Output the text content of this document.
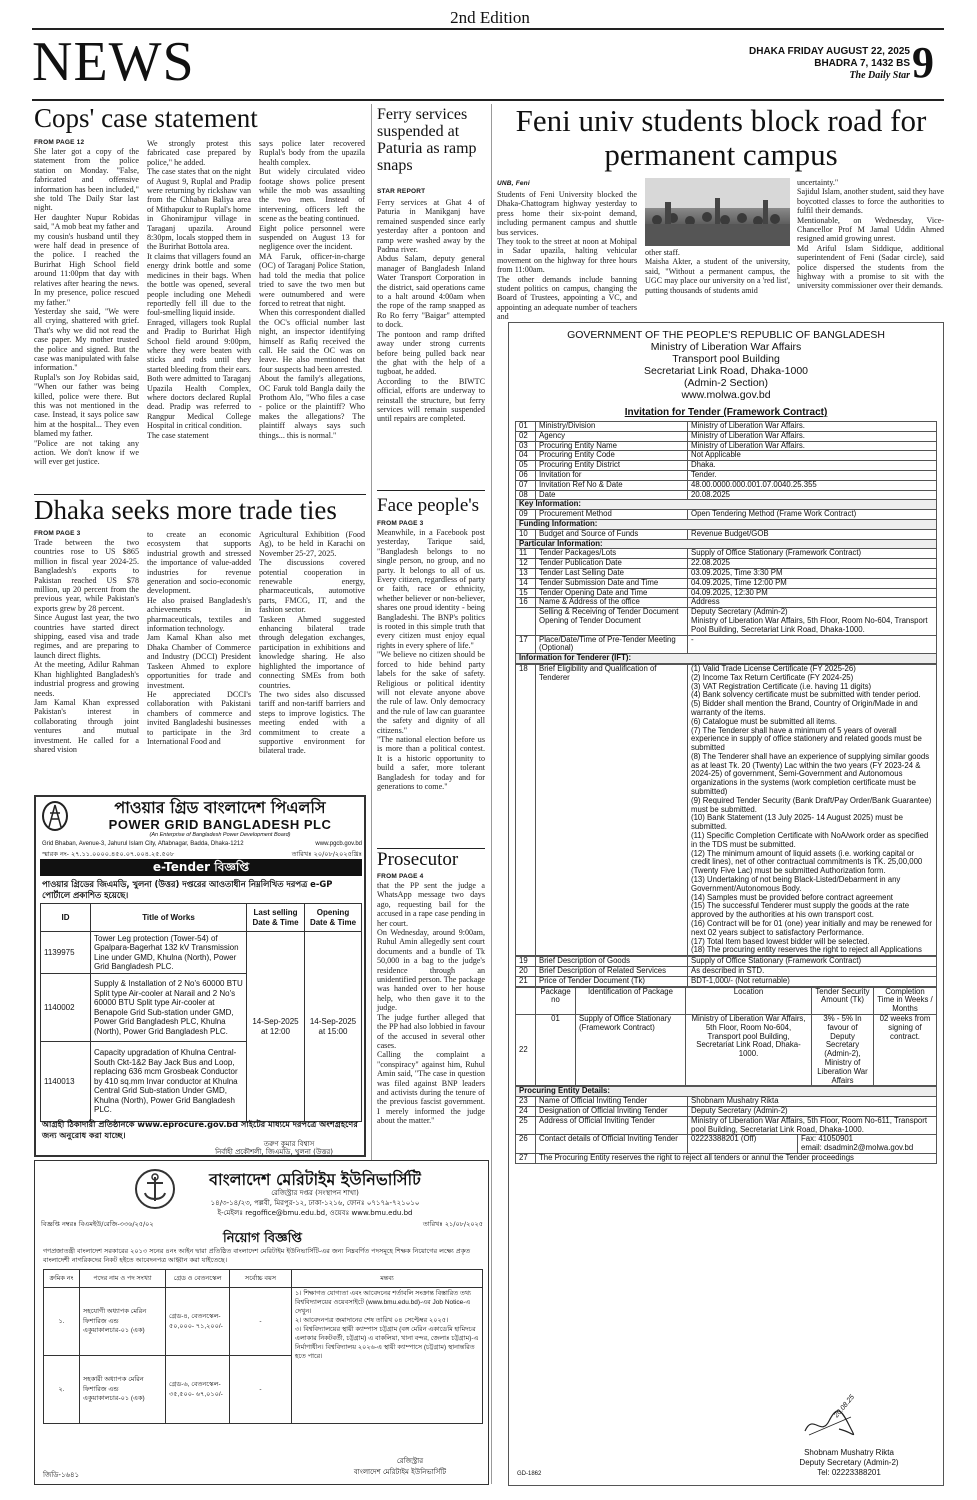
2nd Edition
NEWS	DHAKA FRIDAY AUGUST 22, 2025
BHADRA 7, 1432 BS
The Daily Star 9
Cops' case statement
FROM PAGE 12
She later got a copy of the statement from the police station on Monday. "False, fabricated and offensive information has been included," she told The Daily Star last night.
Her daughter Nupur Robidas said, "A mob beat my father and my cousin's husband until they were half dead in presence of the police. I reached the Burirhat High School field around 11:00pm that day with relatives after hearing the news. In my presence, police rescued my father."
Yesterday she said, "We were all crying, shattered with grief. That's why we did not read the case paper. My mother trusted the police and signed. But the case was manipulated with false information."
Ruplal's son Joy Robidas said, "When our father was being killed, police were there. But this was not mentioned in the case. Instead, it says police saw him at the hospital... They even blamed my father.
"Police are not taking any action. We don't know if we will ever get justice.
We strongly protest this fabricated case prepared by police," he added.
The case states that on the night of August 9, Ruplal and Pradip were returning by rickshaw van from the Chhaban Baliya area of Mithapukur to Ruplal's home in Ghoniramjpur village in Taraganj upazila. Around 8:30pm, locals stopped them in the Burirhat Bottola area.
It claims that villagers found an energy drink bottle and some medicines in their bags. When the bottle was opened, several people including one Mehedi reportedly fell ill due to the foul-smelling liquid inside.
Enraged, villagers took Ruplal and Pradip to Burirhat High School field around 9:00pm, where they were beaten with sticks and rods until they started bleeding from their ears. Both were admitted to Taraganj Upazila Health Complex, where doctors declared Ruplal dead. Pradip was referred to Rangpur Medical College Hospital in critical condition.
The case statement
says police later recovered Ruplal's body from the upazila health complex.
But widely circulated video footage shows police present while the mob was assaulting the two men. Instead of intervening, officers left the scene as the beating continued.
Eight police personnel were suspended on August 13 for negligence over the incident.
MA Faruk, officer-in-charge (OC) of Taraganj Police Station, had told the media that police tried to save the two men but were outnumbered and were forced to retreat that night.
When this correspondent dialled the OC's official number last night, an inspector identifying himself as Rafiq received the call. He said the OC was on leave. He also mentioned that four suspects had been arrested.
About the family's allegations, OC Faruk told Bangla daily the Prothom Alo, "Who files a case - police or the plaintiff? Who makes the allegations? The plaintiff always says such things... this is normal."
Dhaka seeks more trade ties
FROM PAGE 3
Trade between the two countries rose to US $865 million in fiscal year 2024-25. Bangladesh's exports to Pakistan reached US $78 million, up 20 percent from the previous year, while Pakistan's exports grew by 28 percent.
Since August last year, the two countries have started direct shipping, eased visa and trade regimes, and are preparing to launch direct flights.
At the meeting, Adilur Rahman Khan highlighted Bangladesh's industrial progress and growing needs.
Jam Kamal Khan expressed Pakistan's interest in collaborating through joint ventures and mutual investment. He called for a shared vision
to create an economic ecosystem that supports industrial growth and stressed the importance of value-added industries for revenue generation and socio-economic development.
He also praised Bangladesh's achievements in pharmaceuticals, textiles and information technology.
Jam Kamal Khan also met Dhaka Chamber of Commerce and Industry (DCCI) President Taskeen Ahmed to explore opportunities for trade and investment.
He appreciated DCCI's collaboration with Pakistani chambers of commerce and invited Bangladeshi businesses to participate in the 3rd International Food and
Agricultural Exhibition (Food Ag), to be held in Karachi on November 25-27, 2025.
The discussions covered potential cooperation in renewable energy, pharmaceuticals, automotive parts, FMCG, IT, and the fashion sector.
Taskeen Ahmed suggested enhancing bilateral trade through delegation exchanges, participation in exhibitions and knowledge sharing. He also highlighted the importance of connecting SMEs from both countries.
The two sides also discussed tariff and non-tariff barriers and steps to improve logistics. The meeting ended with a commitment to create a supportive environment for bilateral trade.
Ferry services suspended at Paturia as ramp snaps
STAR REPORT
Ferry services at Ghat 4 of Paturia in Manikganj have remained suspended since early yesterday after a pontoon and ramp were washed away by the Padma river.
Abdus Salam, deputy general manager of Bangladesh Inland Water Transport Corporation in the district, said operations came to a halt around 4:00am when the rope of the ramp snapped as Ro Ro ferry "Baigar" attempted to dock.
The pontoon and ramp drifted away under strong currents before being pulled back near the ghat with the help of a tugboat, he added.
According to the BIWTC official, efforts are underway to reinstall the structure, but ferry services will remain suspended until repairs are completed.
Face people's
FROM PAGE 3
Meanwhile, in a Facebook post yesterday, Tarique said, "Bangladesh belongs to no single person, no group, and no party. It belongs to all of us. Every citizen, regardless of party or faith, race or ethnicity, whether believer or non-believer, shares one proud identity - being Bangladeshi. The BNP's politics is rooted in this simple truth that every citizen must enjoy equal rights in every sphere of life."
"We believe no citizen should be forced to hide behind party labels for the sake of safety. Religious or political identity will not elevate anyone above the rule of law. Only democracy and the rule of law can guarantee the safety and dignity of all citizens."
"The national election before us is more than a political contest. It is a historic opportunity to build a safer, more tolerant Bangladesh for today and for generations to come."
Prosecutor
FROM PAGE 4
that the PP sent the judge a WhatsApp message two days ago, requesting bail for the accused in a rape case pending in her court.
On Wednesday, around 9:00am, Ruhul Amin allegedly sent court documents and a bundle of Tk 50,000 in a bag to the judge's residence through an unidentified person. The package was handed over to her house help, who then gave it to the judge.
The judge further alleged that the PP had also lobbied in favour of the accused in several other cases.
Calling the complaint a "conspiracy" against him, Ruhul Amin said, "The case in question was filed against BNP leaders and activists during the tenure of the previous fascist government. I merely informed the judge about the matter."
Feni univ students block road for permanent campus
UNB, Feni
Students of Feni University blocked the Dhaka-Chattogram highway yesterday to press home their six-point demand, including permanent campus and shuttle bus services.
They took to the street at noon at Mohipal in Sadar upazila, halting vehicular movement on the highway for three hours from 11:00am.
The other demands include banning student politics on campus, changing the Board of Trustees, appointing a VC, and appointing an adequate number of teachers and
other staff.
Maisha Akter, a student of the university, said, "Without a permanent campus, the UGC may place our university on a 'red list', putting thousands of students amid
uncertainty."
Sajidul Islam, another student, said they have boycotted classes to force the authorities to fulfil their demands.
Mentionable, on Wednesday, Vice-Chancellor Prof M Jamal Uddin Ahmed resigned amid growing unrest.
Md Ariful Islam Siddique, additional superintendent of Feni (Sadar circle), said police dispersed the students from the highway with a promise to sit with the university commissioner over their demands.
GOVERNMENT OF THE PEOPLE'S REPUBLIC OF BANGLADESH
Ministry of Liberation War Affairs
Transport pool Building
Secretariat Link Road, Dhaka-1000
(Admin-2 Section)
www.molwa.gov.bd
Invitation for Tender (Framework Contract)
01	Ministry/Division	Ministry of Liberation War Affairs.
02	Agency	Ministry of Liberation War Affairs.
03	Procuring Entity Name	Ministry of Liberation War Affairs.
04	Procuring Entity Code	Not Applicable
05	Procuring Entity District	Dhaka.
06	Invitation for	Tender.
07	Invitation Ref No & Date	48.00.0000.000.001.07.0040.25.355
08	Date	20.08.2025
Key Information:		
09	Procurement Method	Open Tendering Method (Frame Work Contract)
Funding Information:		
10	Budget and Source of Funds	Revenue Budget/GOB
Particular Information:		
11	Tender Packages/Lots	Supply of Office Stationary (Framework Contract)
12	Tender Publication Date	22.08.2025
13	Tender Last Selling Date	03.09.2025, Time 3:30 PM
14	Tender Submission Date and Time	04.09.2025, Time 12:00 PM
15	Tender Opening Date and Time	04.09.2025, 12:30 PM
16	Name & Address of the office	Address
	Selling & Receiving of Tender Document
Opening of Tender Document	Deputy Secretary (Admin-2)
Ministry of Liberation War Affairs, 5th Floor, Room No-604, Transport Pool Building, Secretariat Link Road, Dhaka-1000.
17	Place/Date/Time of Pre-Tender Meeting (Optional)	-
Information for Tenderer (IFT):		
18	Brief Eligibility and Qualification of Tenderer	
(1) Valid Trade License Certificate (FY 2025-26)
(2) Income Tax Return Certificate (FY 2024-25)
(3) VAT Registration Certificate (i.e. having 11 digits)
(4) Bank solvency certificate must be submitted with tender period.
(5) Bidder shall mention the Brand, Country of Origin/Made in and warranty of the items.
(6) Catalogue must be submitted all items.
(7) The Tenderer shall have a minimum of 5 years of overall experience in supply of office stationery and related goods must be submitted
(8) The Tenderer shall have an experience of supplying similar goods as at least Tk. 20 (Twenty) Lac within the two years (FY 2023-24 & 2024-25) of government, Semi-Government and Autonomous organizations in the systems (work completion certificate must be submitted)
(9) Required Tender Security (Bank Draft/Pay Order/Bank Guarantee) must be submitted.
(10) Bank Statement (13 July 2025- 14 August 2025) must be submitted.
(11) Specific Completion Certificate with NoA/work order as specified in the TDS must be submitted.
(12) The minimum amount of liquid assets (i.e. working capital or credit lines), net of other contractual commitments is TK. 25,00,000 (Twenty Five Lac) must be submitted Authorization form.
(13) Undertaking of not being Black-Listed/Debarment in any Government/Autonomous Body.
(14) Samples must be provided before contract agreement
(15) The successful Tenderer must supply the goods at the rate approved by the authorities at his own transport cost.
(16) Contract will be for 01 (one) year initially and may be renewed for next 02 years subject to satisfactory Performance.
(17) Total Item based lowest bidder will be selected.
(18) The procuring entity reserves the right to reject all Applications
19	Brief Description of Goods	Supply of Office Stationary (Framework Contract)
20	Brief Description of Related Services	As described in STD.
21	Price of Tender Document (Tk)	BDT-1,000/- (Not returnable)
	Package no	Identification of Package	Location	Tender Security Amount (Tk)	Completion Time in Weeks / Months
22	01	Supply of Office Stationary (Framework Contract)	Ministry of Liberation War Affairs, 5th Floor, Room No-604, Transport pool Building, Secretariat Link Road, Dhaka-1000.	3% - 5% In favour of Deputy Secretary (Admin-2), Ministry of Liberation War Affairs	02 weeks from signing of contract.
Procuring Entity Details:			
23	Name of Official Inviting Tender	Shobnam Mushatry Rikta	
24	Designation of Official Inviting Tender	Deputy Secretary (Admin-2)	
25	Address of Official Inviting Tender	Ministry of Liberation War Affairs, 5th Floor, Room No-611, Transport pool Building, Secretariat Link Road, Dhaka-1000.	
26	Contact details of Official Inviting Tender	02223388201 (Off)	Fax: 41050901
email: dsadmin2@molwa.gov.bd
27	The Procuring Entity reserves the right to reject all tenders or annul the Tender proceedings		
20.08.25
Shobnam Mushatry Rikta
Deputy Secretary (Admin-2)
Tel: 02223388201
GD-1862
পাওয়ার গ্রিড বাংলাদেশ পিএলসি
POWER GRID BANGLADESH PLC
(An Enterprise of Bangladesh Power Development Board)
Grid Bhaban, Avenue-3, Jahurul Islam City, Aftabnagar, Badda, Dhaka-1212	www.pgcb.gov.bd
স্মারক নং- ২৭.১১.০০০০.৪৫০.০৭.০০৪.২৫.৫০৮	তারিখঃ ২০/০৮/২০২৫খ্রিঃ
e-Tender বিজ্ঞপ্তি
পাওয়ার গ্রিডের জিএমডি, খুলনা (উত্তর) দপ্তরের আওতাধীন নিম্নলিখিত দরপত্র e-GP পোর্টালে প্রকাশিত হয়েছে।
ID	Title of Works	Last selling Date & Time	Opening Date & Time
1139975	Tower Leg protection (Tower-54) of Gpalpara-Bagerhat 132 kV Transmission Line under GMD, Khulna (North), Power Grid Bangladesh PLC.	14-Sep-2025 at 12:00	14-Sep-2025 at 15:00
1140002	Supply & Installation of 2 No's 60000 BTU Split type Air-cooler at Narail and 2 No's 60000 BTU Split type Air-cooler at Benapole Grid Sub-station under GMD, Power Grid Bangladesh PLC, Khulna (North), Power Grid Bangladesh PLC.		
1140013	Capacity upgradation of Khulna Central-South Ckt-1&2 Bay Jack Bus and Loop, replacing 636 mcm Grosbeak Conductor by 410 sq.mm Invar conductor at Khulna Central Grid Sub-station Under GMD, Khulna (North), Power Grid Bangladesh PLC.		
আগ্রহী ঠিকাদারী প্রতিষ্ঠানকে www.eprocure.gov.bd সাইটের মাধ্যমে দরপত্রে অংশগ্রহণের জন্য অনুরোধ করা যাচ্ছে।
তরুণ কুমার বিশ্বাস
নির্বাহী প্রকৌশলী, জিএমডি, খুলনা (উত্তর)
বাংলাদেশ মেরিটাইম ইউনিভার্সিটি
রেজিস্ট্রার দপ্তর (সংস্থাপন শাখা)
১৪/৩-১৪/২৩, পল্লবী, মিরপুর-১২, ঢাকা-১২১৬, ফোনঃ ০৭১৭৯-৭২১০১০
ই-মেইলঃ regoffice@bmu.edu.bd, ওয়েবঃ www.bmu.edu.bd
বিজ্ঞপ্তি নম্বরঃ বিএমইউ/রেজি-৩৩৬/২৫/০২	তারিখঃ ২১/০৮/২০২৫
নিয়োগ বিজ্ঞপ্তি
গণপ্রজাতন্ত্রী বাংলাদেশ সরকারের ২০১৩ সনের ৪নং আইন দ্বারা প্রতিষ্ঠিত বাংলাদেশ মেরিটাইম ইউনিভার্সিটি-এর জন্য নিম্নবর্ণিত পদসমূহে শিক্ষক নিয়োগের লক্ষ্যে প্রকৃত বাংলাদেশী নাগরিকদের নিকট হইতে আবেদনপত্র আহ্বান করা যাইতেছে।
ক্রমিক নং	পদের নাম ও পদ সংখ্যা	গ্রেড ও বেতনস্কেল	সর্বোচ্চ বয়স	মন্তব্য
১.	সহযোগী অধ্যাপক মেরিন ফিশারিজ এন্ড একুয়াকালচার-০১ (এক)	গ্রেড-৪, বেতনস্কেল- ৫০,০০০- ৭১,২০০/-	-	১। শিক্ষাগত যোগ্যতা এবং আবেদনের শর্তাবলি সংক্রান্ত বিস্তারিত তথ্য বিশ্ববিদ্যালয়ের ওয়েবসাইটে (www.bmu.edu.bd)-এর Job Notice-এ দেখুন।
২। আবেদনপত্র জমাদানের শেষ তারিখ ০৪ সেপ্টেম্বর ২০২৫।
৩। বিশ্ববিদ্যালয়ের স্থায়ী ক্যাম্পাস চট্টগ্রাম (বঙ্গ মেরিন একাডেমি হামিদচর এলাকার নিকটবর্তী, চট্টগ্রাম) এ বাকলিয়া, খানা বন্দর, জেলাঃ চট্টগ্রাম)-এ নির্মাণাধীন। বিশ্ববিদ্যালয় ২০২৬-এ স্থায়ী ক্যাম্পাসে (চট্টগ্রাম) স্থানান্তরিত হতে পারে।
২.	সহকারী অধ্যাপক মেরিন ফিশারিজ এন্ড একুয়াকালচার-০১ (এক)	গ্রেড-৬, বেতনস্কেল- ৩৫,৫০০- ৬৭,০১০/-	-	
রেজিস্ট্রার
বাংলাদেশ মেরিটাইম ইউনিভার্সিটি
জিডি-১৬৪১
